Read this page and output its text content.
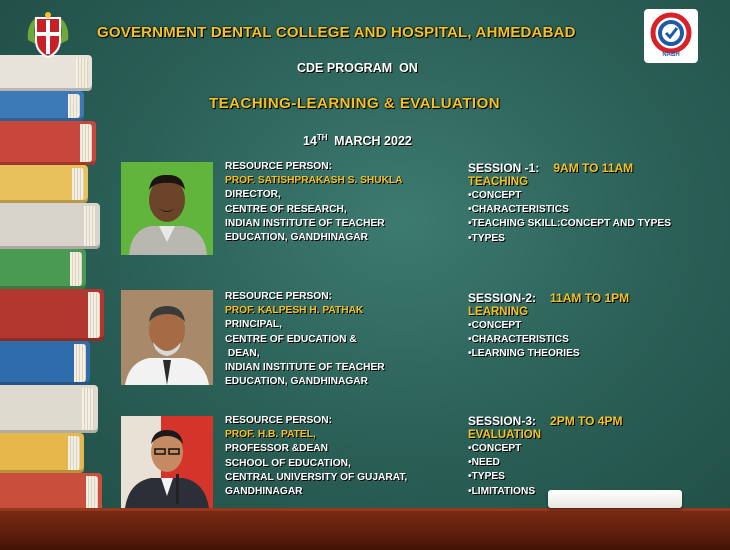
NABH
GOVERNMENT DENTAL COLLEGE AND HOSPITAL, AHMEDABAD
CDE PROGRAM  ON
TEACHING-LEARNING & EVALUATION
14TH MARCH 2022
RESOURCE PERSON:
PROF. SATISHPRAKASH S. SHUKLA
DIRECTOR,
CENTRE OF RESEARCH,
INDIAN INSTITUTE OF TEACHER
EDUCATION, GANDHINAGAR
RESOURCE PERSON:
PROF. KALPESH H. PATHAK
PRINCIPAL,
CENTRE OF EDUCATION &
DEAN,
INDIAN INSTITUTE OF TEACHER
EDUCATION, GANDHINAGAR
RESOURCE PERSON:
PROF. H.B. PATEL,
PROFESSOR &DEAN
SCHOOL OF EDUCATION,
CENTRAL UNIVERSITY OF GUJARAT,
GANDHINAGAR
SESSION -1: 9AM TO 11AM
TEACHING
•CONCEPT
•CHARACTERISTICS
•TEACHING SKILL:CONCEPT AND TYPES
•TYPES
SESSION-2: 11AM TO 1PM
LEARNING
•CONCEPT
•CHARACTERISTICS
•LEARNING THEORIES
SESSION-3: 2PM TO 4PM
EVALUATION
•CONCEPT
•NEED
•TYPES
•LIMITATIONS
